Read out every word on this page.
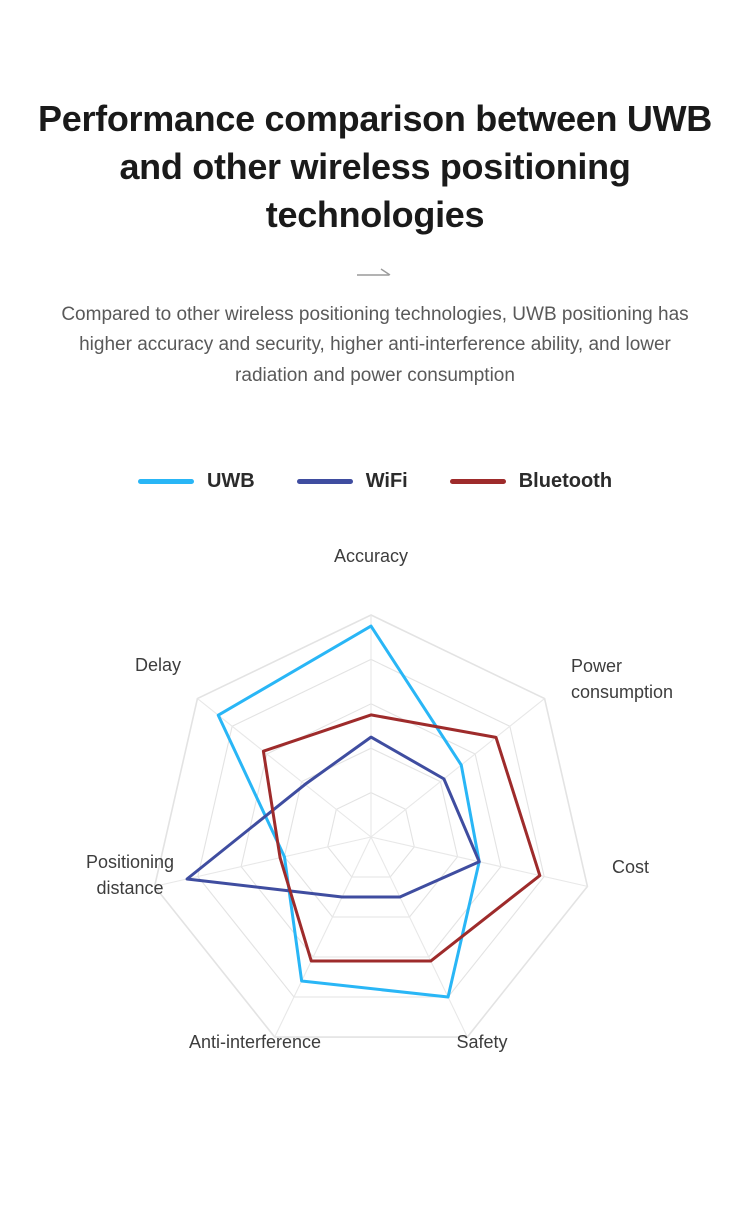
Performance comparison between UWB and other wireless positioning technologies

Compared to other wireless positioning technologies, UWB positioning has higher accuracy and security, higher anti-interference ability, and lower radiation and power consumption

UWB	WiFi	Bluetooth
Accuracy
Cost
Safety
Anti-interference
Delay	Power consumption
Positioning distance
